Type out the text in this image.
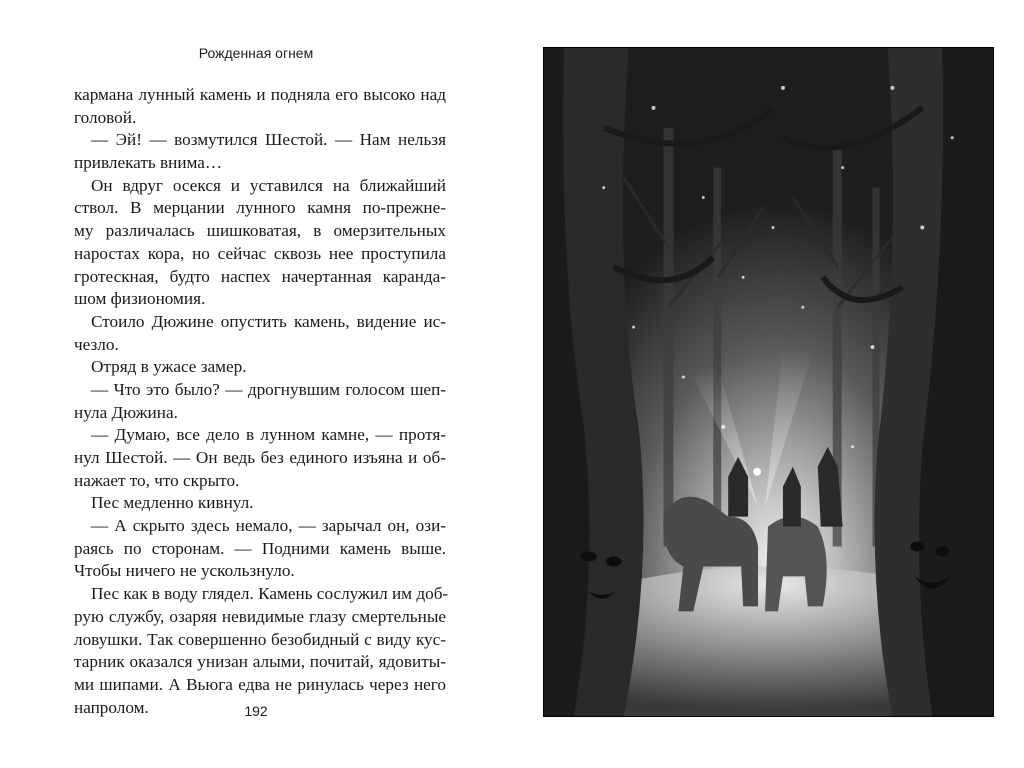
Рожденная огнем
кармана лунный камень и подняла его высоко над
головой.
— Эй! — возмутился Шестой. — Нам нельзя
привлекать внима…
Он вдруг осекся и уставился на ближайший
ствол. В мерцании лунного камня по-прежне-
му различалась шишковатая, в омерзительных
наростах кора, но сейчас сквозь нее проступила
гротескная, будто наспех начертанная каранда-
шом физиономия.
Стоило Дюжине опустить камень, видение ис-
чезло.
Отряд в ужасе замер.
— Что это было? — дрогнувшим голосом шеп-
нула Дюжина.
— Думаю, все дело в лунном камне, — протя-
нул Шестой. — Он ведь без единого изъяна и об-
нажает то, что скрыто.
Пес медленно кивнул.
— А скрыто здесь немало, — зарычал он, ози-
раясь по сторонам. — Подними камень выше.
Чтобы ничего не ускользнуло.
Пес как в воду глядел. Камень сослужил им доб-
рую службу, озаряя невидимые глазу смертельные
ловушки. Так совершенно безобидный с виду кус-
тарник оказался унизан алыми, почитай, ядовиты-
ми шипами. А Вьюга едва не ринулась через него
напролом.	192
